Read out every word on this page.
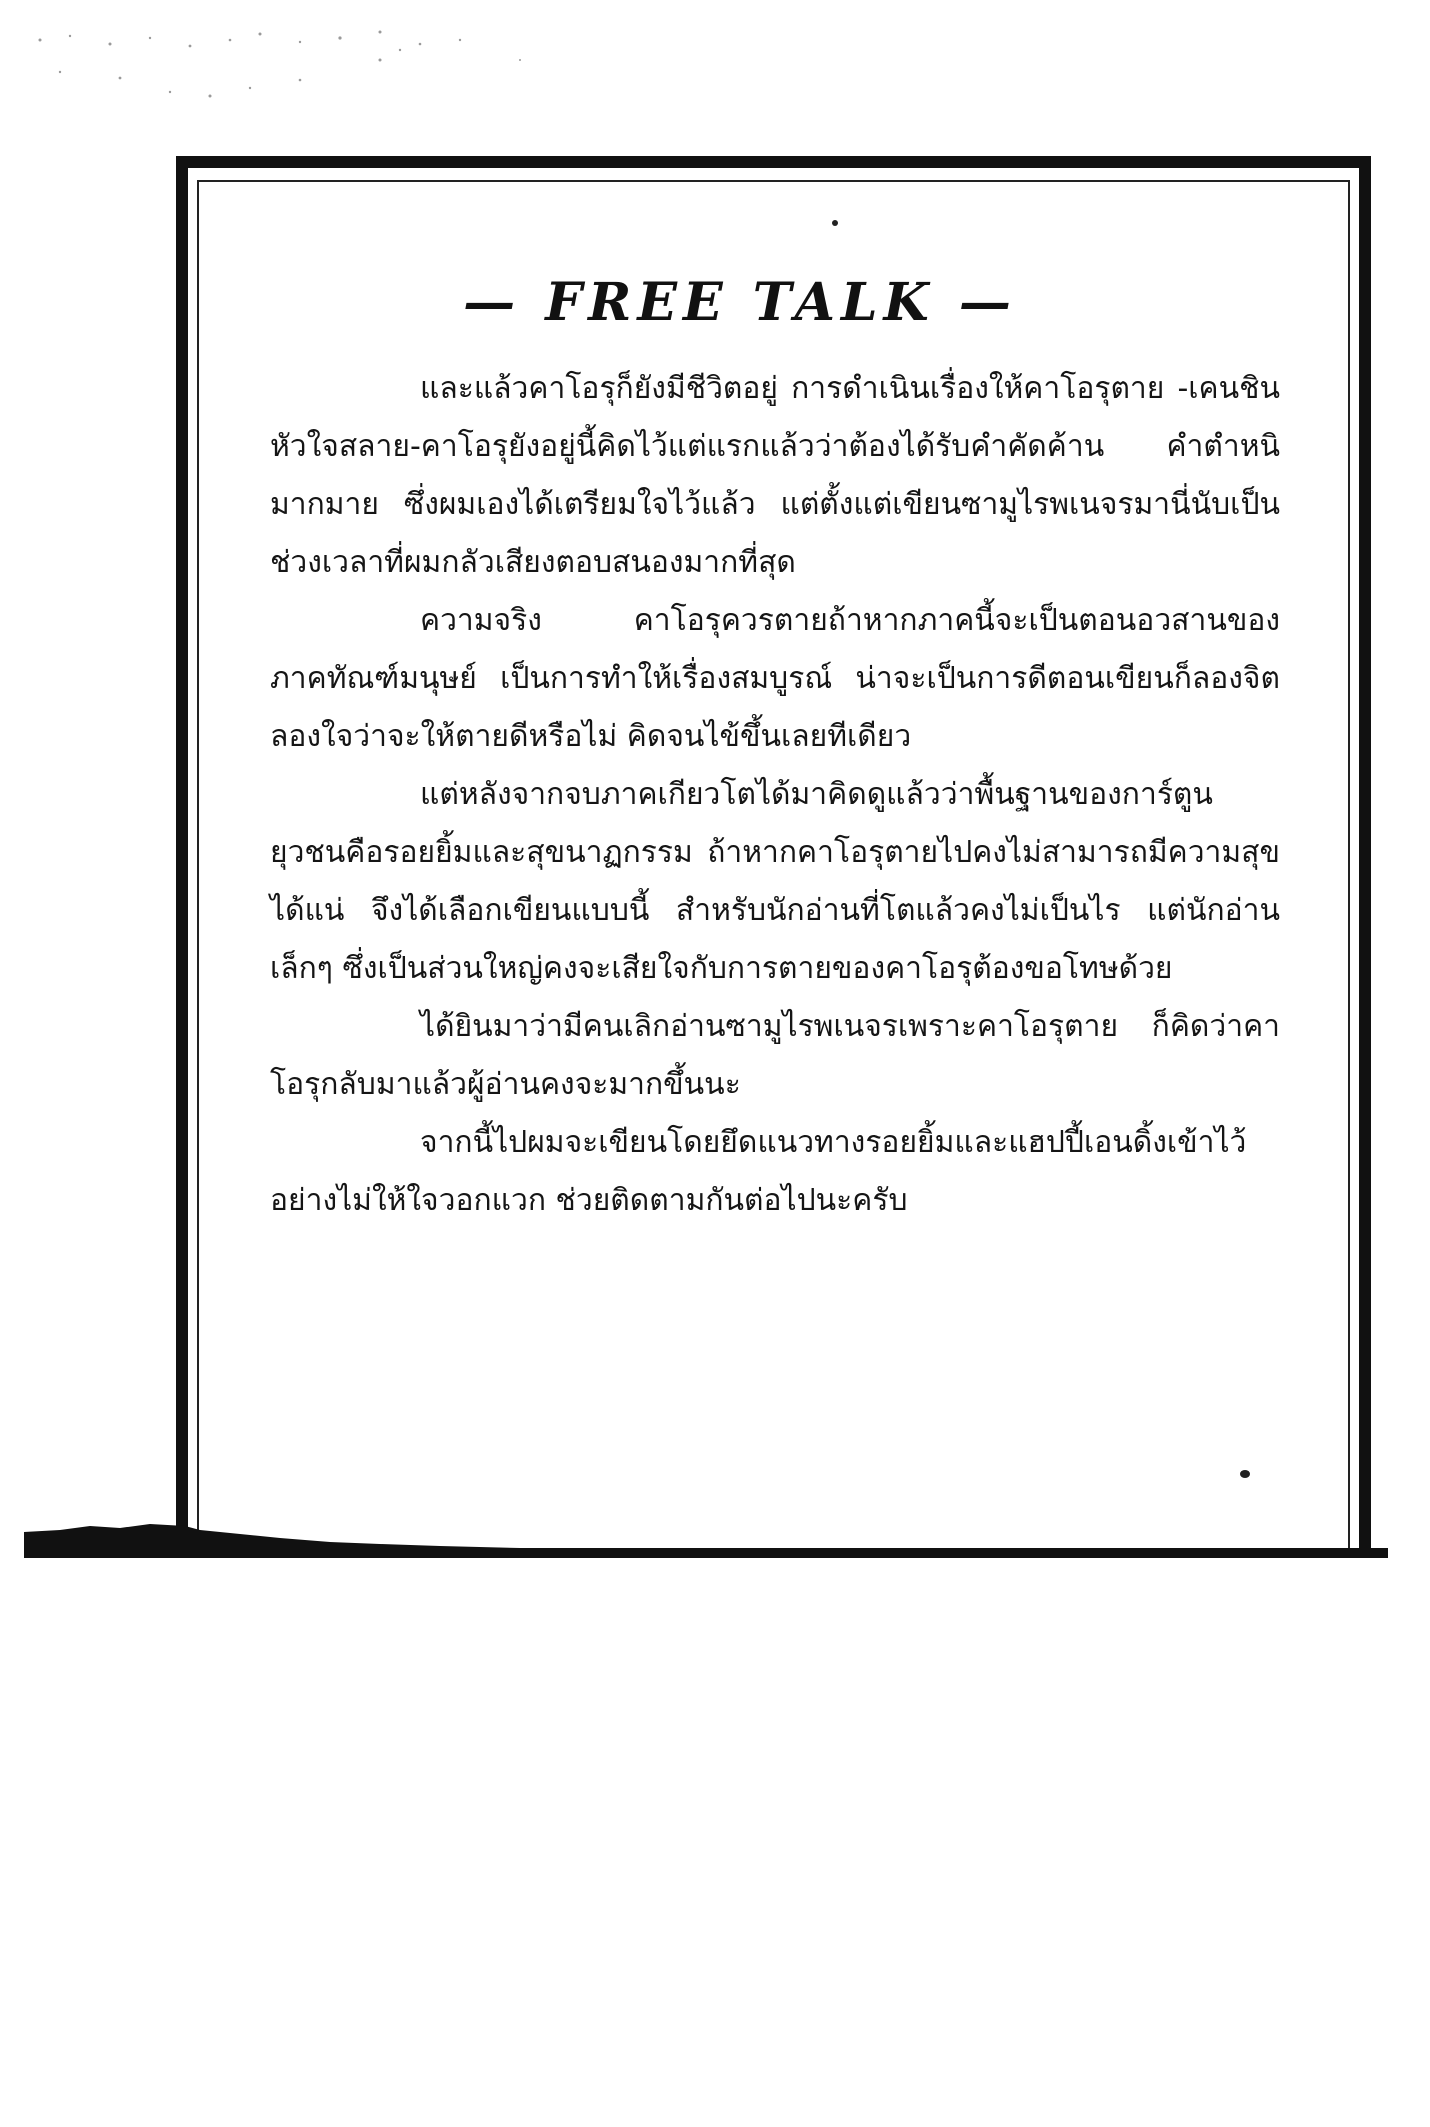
— FREE TALK —

และแล้วคาโอรุก็ยังมีชีวิตอยู่ การดำเนินเรื่องให้คาโอรุตาย -เคนชินหัวใจสลาย-คาโอรุยังอยู่นี้คิดไว้แต่แรกแล้วว่าต้องได้รับคำคัดค้าน คำตำหนิมากมาย ซึ่งผมเองได้เตรียมใจไว้แล้ว แต่ตั้งแต่เขียนซามูไรพเนจรมานี่นับเป็นช่วงเวลาที่ผมกลัวเสียงตอบสนองมากที่สุด

ความจริง คาโอรุควรตายถ้าหากภาคนี้จะเป็นตอนอวสานของภาคทัณฑ์มนุษย์ เป็นการทำให้เรื่องสมบูรณ์ น่าจะเป็นการดีตอนเขียนก็ลองจิตลองใจว่าจะให้ตายดีหรือไม่ คิดจนไข้ขึ้นเลยทีเดียว

แต่หลังจากจบภาคเกียวโตได้มาคิดดูแล้วว่าพื้นฐานของการ์ตูนยุวชนคือรอยยิ้มและสุขนาฏกรรม ถ้าหากคาโอรุตายไปคงไม่สามารถมีความสุขได้แน่ จึงได้เลือกเขียนแบบนี้ สำหรับนักอ่านที่โตแล้วคงไม่เป็นไร แต่นักอ่านเล็กๆ ซึ่งเป็นส่วนใหญ่คงจะเสียใจกับการตายของคาโอรุต้องขอโทษด้วย

ได้ยินมาว่ามีคนเลิกอ่านซามูไรพเนจรเพราะคาโอรุตาย ก็คิดว่าคาโอรุกลับมาแล้วผู้อ่านคงจะมากขึ้นนะ

จากนี้ไปผมจะเขียนโดยยึดแนวทางรอยยิ้มและแฮปปี้เอนดิ้งเข้าไว้อย่างไม่ให้ใจวอกแวก ช่วยติดตามกันต่อไปนะครับ
